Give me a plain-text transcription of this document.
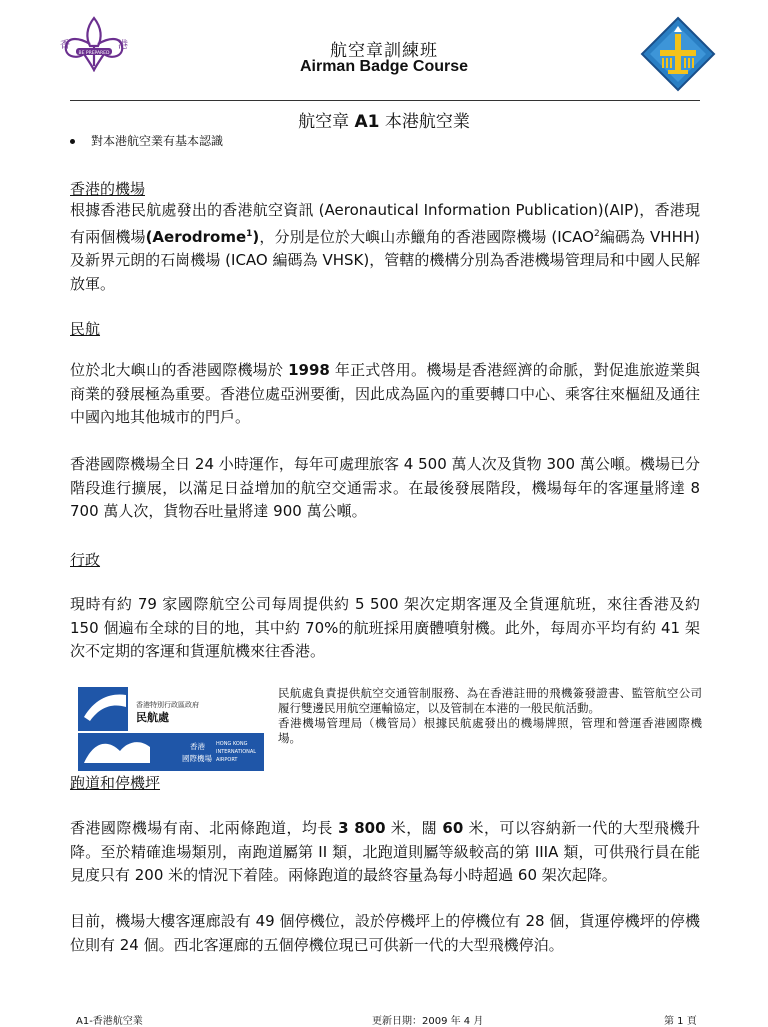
BE PREPARED
香	港	航空章訓練班
Airman Badge Course
航空章 A1 本港航空業
對本港航空業有基本認識
香港的機場
根據香港民航處發出的香港航空資訊 (Aeronautical Information Publication)(AIP)，香港現有兩個機場(Aerodrome$^1$)，分別是位於大嶼山赤鱲角的香港國際機場 (ICAO$^2$編碼為 VHHH)及新界元朗的石崗機場 (ICAO 編碼為 VHSK)，管轄的機構分別為香港機場管理局和中國人民解放軍。
民航
位於北大嶼山的香港國際機場於 1998 年正式啓用。機場是香港經濟的命脈，對促進旅遊業與商業的發展極為重要。香港位處亞洲要衝，因此成為區內的重要轉口中心、乘客往來樞紐及通往中國內地其他城市的門戶。
香港國際機場全日 24 小時運作，每年可處理旅客 4 500 萬人次及貨物 300 萬公噸。機場已分階段進行擴展，以滿足日益增加的航空交通需求。在最後發展階段，機場每年的客運量將達 8 700 萬人次，貨物吞吐量將達 900 萬公噸。
行政
現時有約 79 家國際航空公司每周提供約 5 500 架次定期客運及全貨運航班，來往香港及約 150 個遍布全球的目的地，其中約 70%的航班採用廣體噴射機。此外，每周亦平均有約 41 架次不定期的客運和貨運航機來往香港。
香港特別行政區政府
民航處
香港
國際機場
HONG KONG
INTERNATIONAL
AIRPORT
民航處負責提供航空交通管制服務、為在香港註冊的飛機簽發證書、監管航空公司履行雙邊民用航空運輸協定，以及管制在本港的一般民航活動。
香港機場管理局（機管局）根據民航處發出的機場牌照，管理和營運香港國際機場。
跑道和停機坪
香港國際機場有南、北兩條跑道，均長 3 800 米，闊 60 米，可以容納新一代的大型飛機升降。至於精確進場類別，南跑道屬第 II 類，北跑道則屬等級較高的第 IIIA 類，可供飛行員在能見度只有 200 米的情況下着陸。兩條跑道的最終容量為每小時超過 60 架次起降。
目前，機場大樓客運廊設有 49 個停機位，設於停機坪上的停機位有 28 個，貨運停機坪的停機位則有 24 個。西北客運廊的五個停機位現已可供新一代的大型飛機停泊。
A1-香港航空業	更新日期：2009 年 4 月	第 1 頁
